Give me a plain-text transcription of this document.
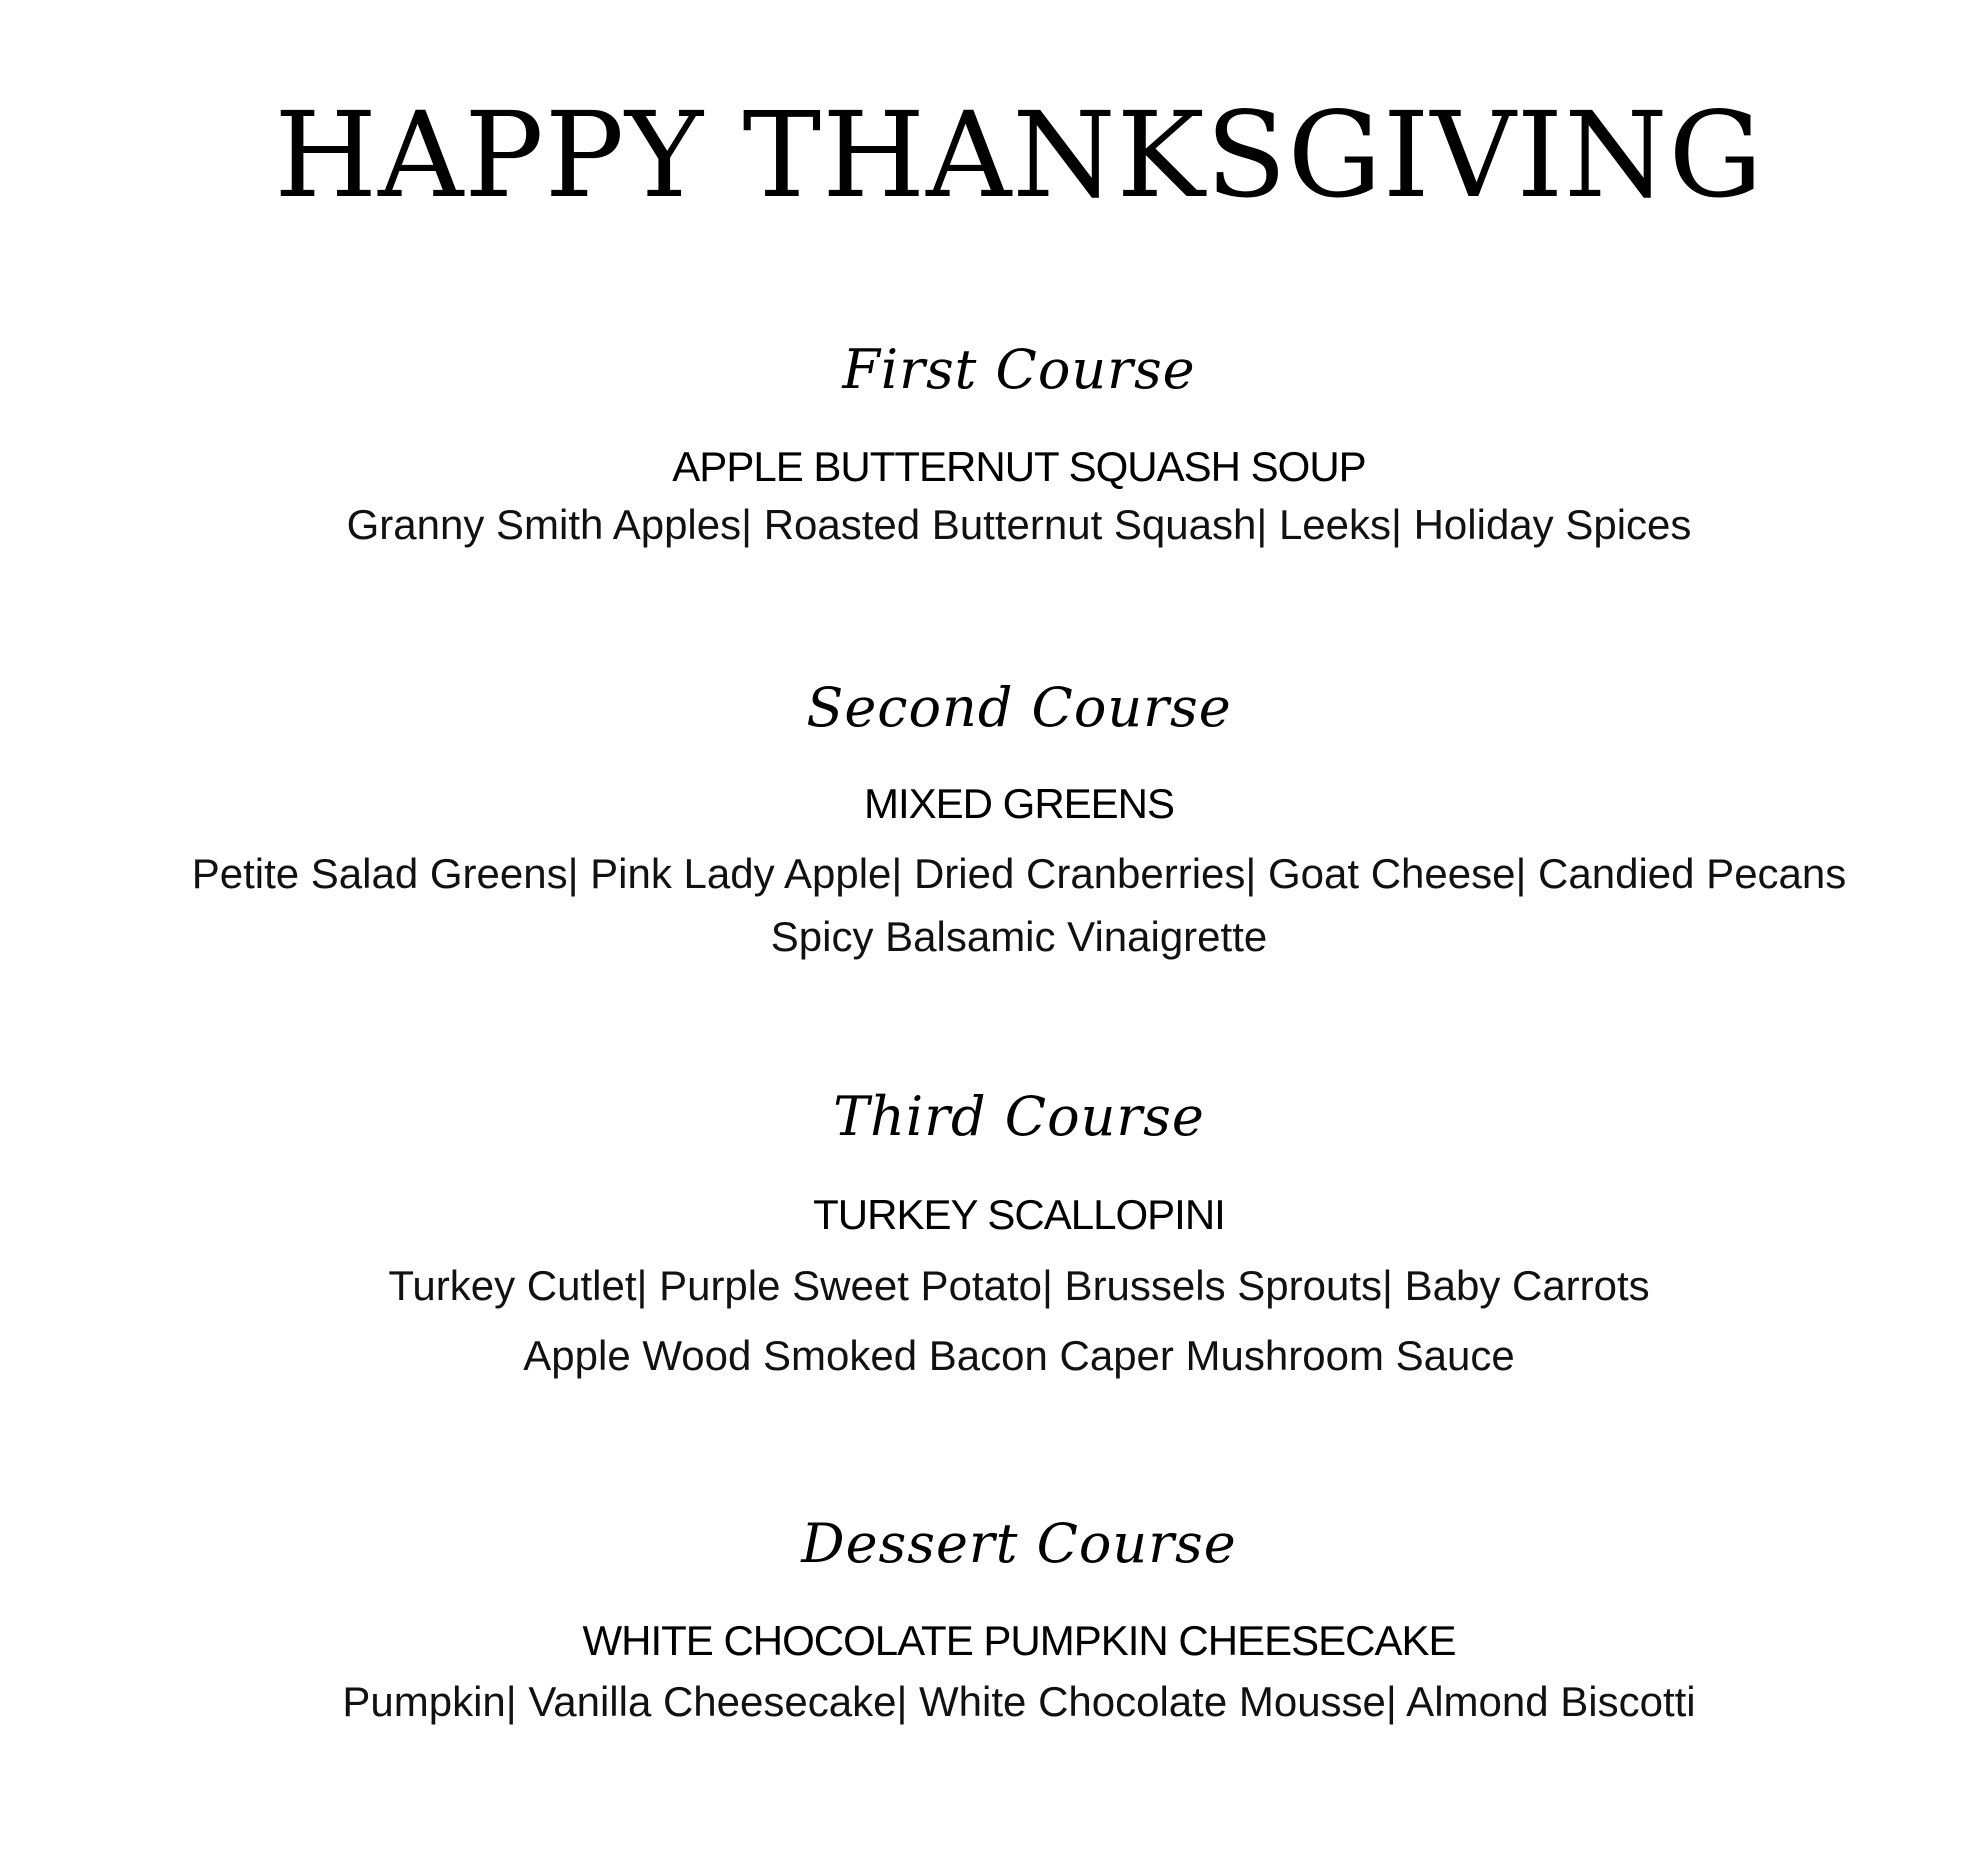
HAPPY THANKSGIVING
First Course
APPLE BUTTERNUT SQUASH SOUP
Granny Smith Apples| Roasted Butternut Squash| Leeks| Holiday Spices
Second Course
MIXED GREENS
Petite Salad Greens| Pink Lady Apple| Dried Cranberries| Goat Cheese| Candied Pecans
Spicy Balsamic Vinaigrette
Third Course
TURKEY SCALLOPINI
Turkey Cutlet| Purple Sweet Potato| Brussels Sprouts| Baby Carrots
Apple Wood Smoked Bacon Caper Mushroom Sauce
Dessert Course
WHITE CHOCOLATE PUMPKIN CHEESECAKE
Pumpkin| Vanilla Cheesecake| White Chocolate Mousse| Almond Biscotti
